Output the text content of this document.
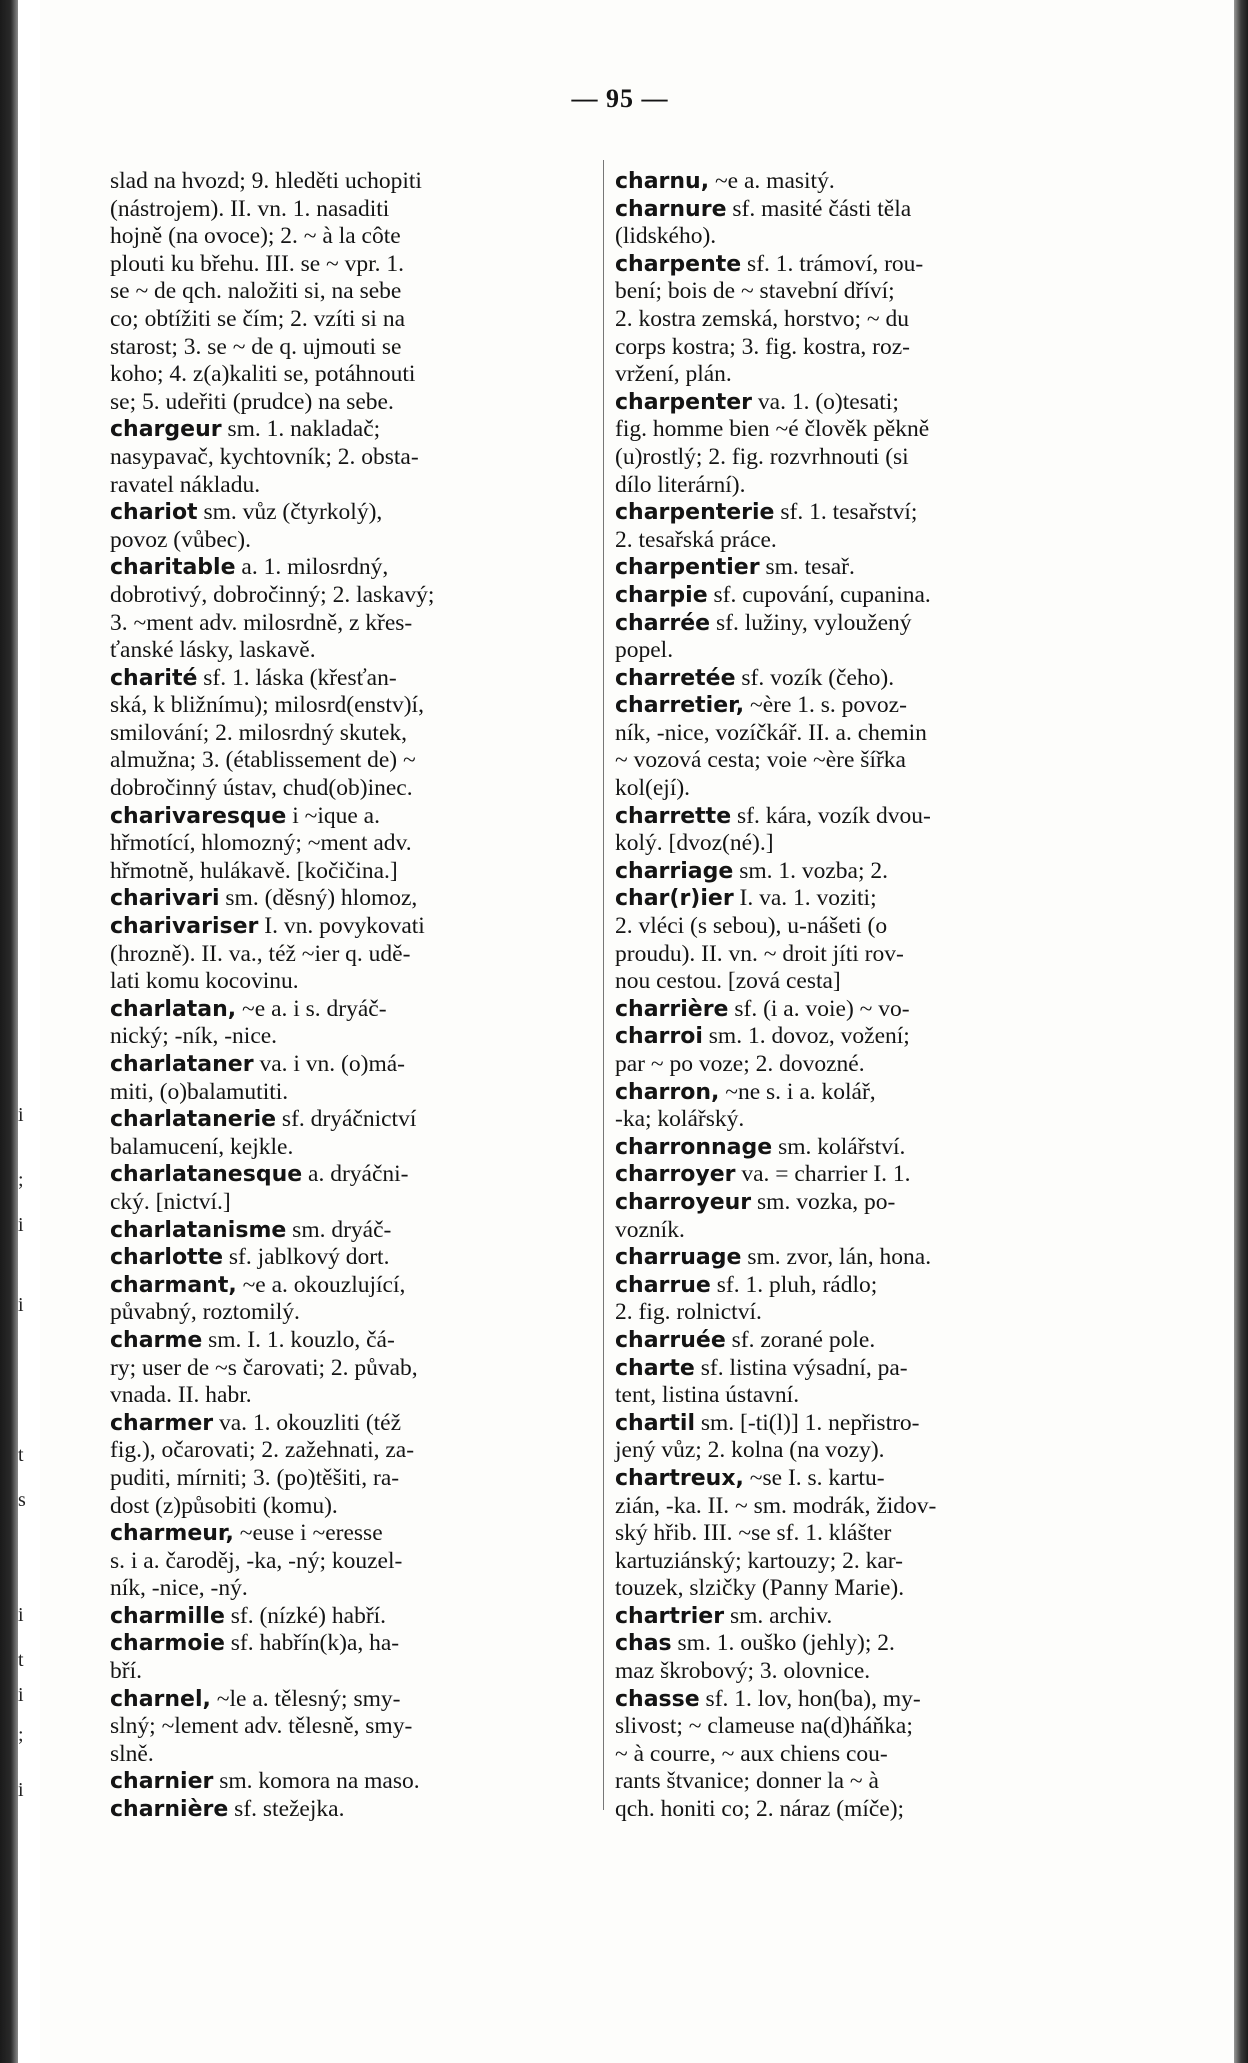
i
;
i
i
t
s
i
t
i
;
i
— 95 —
slad na hvozd; 9. hleděti uchopiti
(nástrojem). II. vn. 1. nasaditi
hojně (na ovoce); 2. ~ à la côte
plouti ku břehu. III. se ~ vpr. 1.
se ~ de qch. naložiti si, na sebe
co; obtížiti se čím; 2. vzíti si na
starost; 3. se ~ de q. ujmouti se
koho; 4. z(a)kaliti se, potáhnouti
se; 5. udeřiti (prudce) na sebe.
chargeur sm. 1. nakladač;
nasypavač, kychtovník; 2. obsta-
ravatel nákladu.
chariot sm. vůz (čtyrkolý),
povoz (vůbec).
charitable a. 1. milosrdný,
dobrotivý, dobročinný; 2. laskavý;
3. ~ment adv. milosrdně, z křes-
ťanské lásky, laskavě.
charité sf. 1. láska (křesťan-
ská, k bližnímu); milosrd(enstv)í,
smilování; 2. milosrdný skutek,
almužna; 3. (établissement de) ~
dobročinný ústav, chud(ob)inec.
charivaresque i ~ique a.
hřmotící, hlomozný; ~ment adv.
hřmotně, hulákavě. [kočičina.]
charivari sm. (děsný) hlomoz,
charivariser I. vn. povykovati
(hrozně). II. va., též ~ier q. udě-
lati komu kocovinu.
charlatan, ~e a. i s. dryáč-
nický; -ník, -nice.
charlataner va. i vn. (o)má-
miti, (o)balamutiti.
charlatanerie sf. dryáčnictví
balamucení, kejkle.
charlatanesque a. dryáčni-
cký. [nictví.]
charlatanisme sm. dryáč-
charlotte sf. jablkový dort.
charmant, ~e a. okouzlující,
půvabný, roztomilý.
charme sm. I. 1. kouzlo, čá-
ry; user de ~s čarovati; 2. půvab,
vnada. II. habr.
charmer va. 1. okouzliti (též
fig.), očarovati; 2. zažehnati, za-
puditi, mírniti; 3. (po)těšiti, ra-
dost (z)působiti (komu).
charmeur, ~euse i ~eresse
s. i a. čaroděj, -ka, -ný; kouzel-
ník, -nice, -ný.
charmille sf. (nízké) habří.
charmoie sf. habřín(k)a, ha-
bří.
charnel, ~le a. tělesný; smy-
slný; ~lement adv. tělesně, smy-
slně.
charnier sm. komora na maso.
charnière sf. stežejka.
charnu, ~e a. masitý.
charnure sf. masité části těla
(lidského).
charpente sf. 1. trámoví, rou-
bení; bois de ~ stavební dříví;
2. kostra zemská, horstvo; ~ du
corps kostra; 3. fig. kostra, roz-
vržení, plán.
charpenter va. 1. (o)tesati;
fig. homme bien ~é člověk pěkně
(u)rostlý; 2. fig. rozvrhnouti (si
dílo literární).
charpenterie sf. 1. tesařství;
2. tesařská práce.
charpentier sm. tesař.
charpie sf. cupování, cupanina.
charrée sf. lužiny, vyloužený
popel.
charretée sf. vozík (čeho).
charretier, ~ère 1. s. povoz-
ník, -nice, vozíčkář. II. a. chemin
~ vozová cesta; voie ~ère šířka
kol(ejí).
charrette sf. kára, vozík dvou-
kolý. [dvoz(né).]
charriage sm. 1. vozba; 2.
char(r)ier I. va. 1. voziti;
2. vléci (s sebou), u-nášeti (o
proudu). II. vn. ~ droit jíti rov-
nou cestou. [zová cesta]
charrière sf. (i a. voie) ~ vo-
charroi sm. 1. dovoz, vožení;
par ~ po voze; 2. dovozné.
charron, ~ne s. i a. kolář,
-ka; kolářský.
charronnage sm. kolářství.
charroyer va. = charrier I. 1.
charroyeur sm. vozka, po-
vozník.
charruage sm. zvor, lán, hona.
charrue sf. 1. pluh, rádlo;
2. fig. rolnictví.
charruée sf. zorané pole.
charte sf. listina výsadní, pa-
tent, listina ústavní.
chartil sm. [-ti(l)] 1. nepřistro-
jený vůz; 2. kolna (na vozy).
chartreux, ~se I. s. kartu-
zián, -ka. II. ~ sm. modrák, židov-
ský hřib. III. ~se sf. 1. klášter
kartuziánský; kartouzy; 2. kar-
touzek, slzičky (Panny Marie).
chartrier sm. archiv.
chas sm. 1. ouško (jehly); 2.
maz škrobový; 3. olovnice.
chasse sf. 1. lov, hon(ba), my-
slivost; ~ clameuse na(d)háňka;
~ à courre, ~ aux chiens cou-
rants štvanice; donner la ~ à
qch. honiti co; 2. náraz (míče);
